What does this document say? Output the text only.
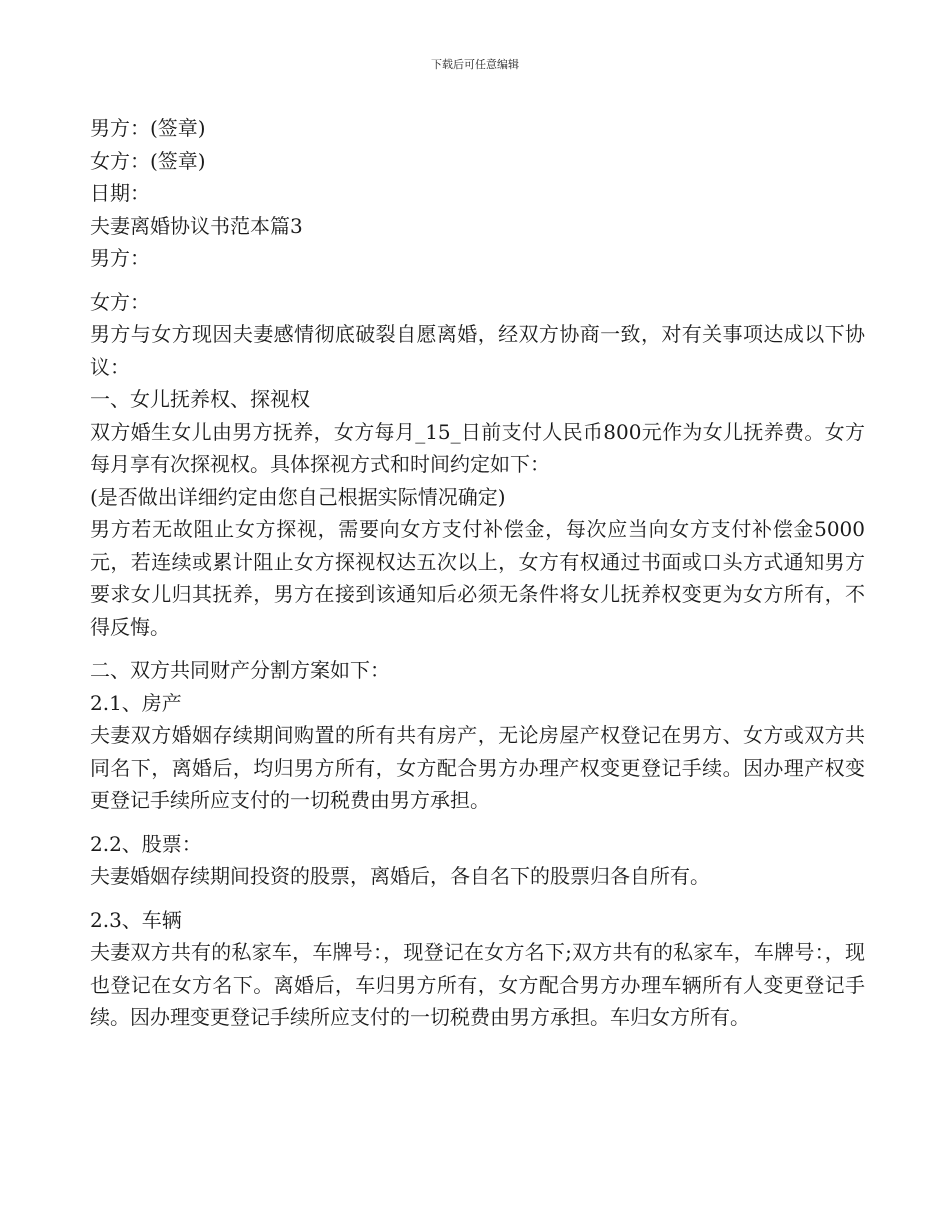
下载后可任意编辑

男方：(签章)

女方：(签章)

日期：

夫妻离婚协议书范本篇3

男方：

女方：

男方与女方现因夫妻感情彻底破裂自愿离婚，经双方协商一致，对有关事项达成以下协议：

一、女儿抚养权、探视权

双方婚生女儿由男方抚养，女方每月_15_日前支付人民币800元作为女儿抚养费。女方每月享有次探视权。具体探视方式和时间约定如下：

(是否做出详细约定由您自己根据实际情况确定)

男方若无故阻止女方探视，需要向女方支付补偿金，每次应当向女方支付补偿金5000元，若连续或累计阻止女方探视权达五次以上，女方有权通过书面或口头方式通知男方要求女儿归其抚养，男方在接到该通知后必须无条件将女儿抚养权变更为女方所有，不得反悔。

二、双方共同财产分割方案如下：

2.1、房产

夫妻双方婚姻存续期间购置的所有共有房产，无论房屋产权登记在男方、女方或双方共同名下，离婚后，均归男方所有，女方配合男方办理产权变更登记手续。因办理产权变更登记手续所应支付的一切税费由男方承担。

2.2、股票：

夫妻婚姻存续期间投资的股票，离婚后，各自名下的股票归各自所有。

2.3、车辆

夫妻双方共有的私家车，车牌号：，现登记在女方名下;双方共有的私家车，车牌号：，现也登记在女方名下。离婚后，车归男方所有，女方配合男方办理车辆所有人变更登记手续。因办理变更登记手续所应支付的一切税费由男方承担。车归女方所有。
